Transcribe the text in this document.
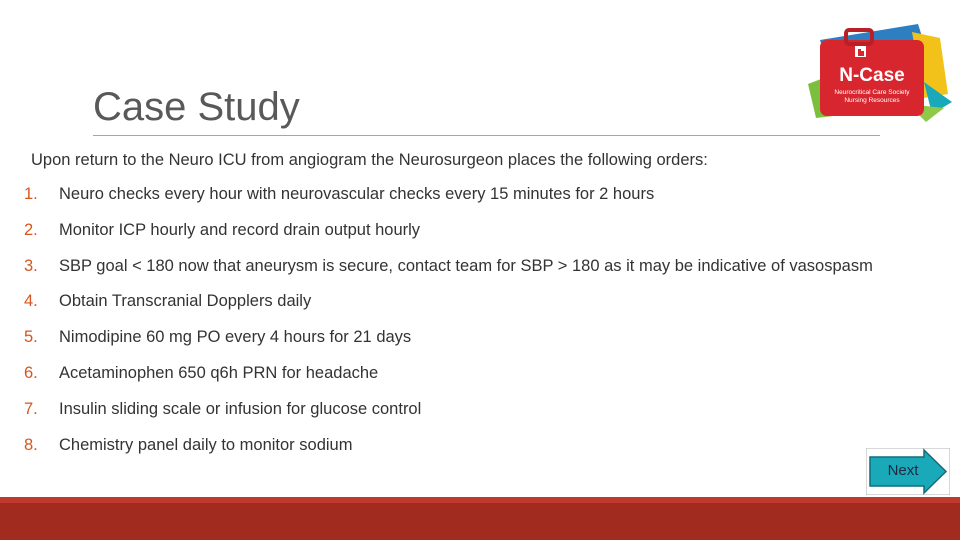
N-Case
Neurocritical Care Society
Nursing Resources
Case Study
Upon return to the Neuro ICU from angiogram the Neurosurgeon places the following orders:
1. Neuro checks every hour with neurovascular checks every 15 minutes for 2 hours
2. Monitor ICP hourly and record drain output hourly
3. SBP goal < 180 now that aneurysm is secure, contact team for SBP > 180 as it may be indicative of vasospasm
4. Obtain Transcranial Dopplers daily
5. Nimodipine 60 mg PO every 4 hours for 21 days
6. Acetaminophen 650 q6h PRN for headache
7. Insulin sliding scale or infusion for glucose control
8. Chemistry panel daily to monitor sodium
Next
